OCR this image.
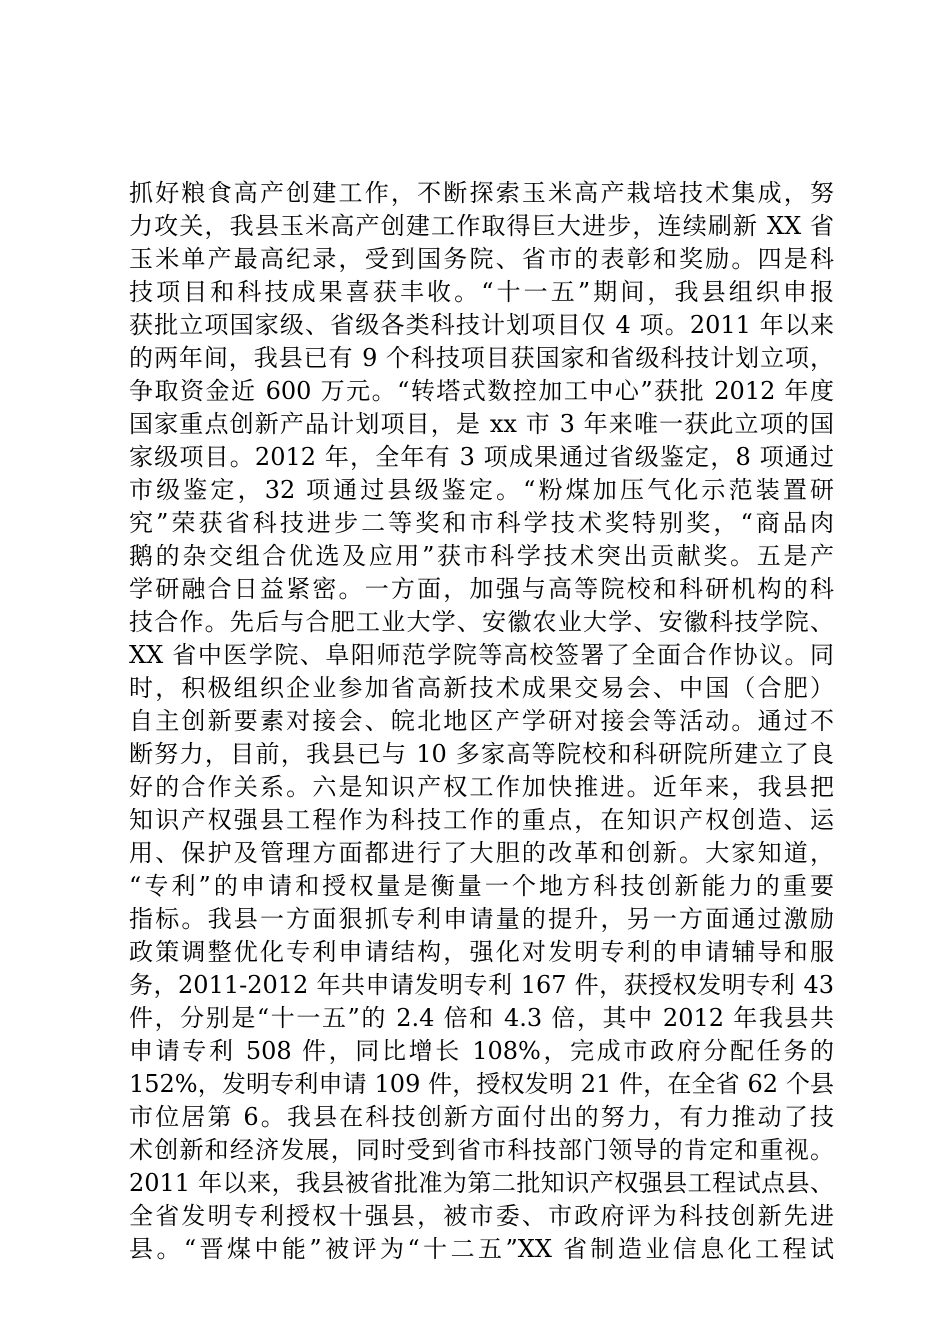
抓好粮食高产创建工作，不断探索玉米高产栽培技术集成，努
力攻关，我县玉米高产创建工作取得巨大进步，连续刷新 XX 省
玉米单产最高纪录，受到国务院、省市的表彰和奖励。四是科
技项目和科技成果喜获丰收。“十一五”期间，我县组织申报
获批立项国家级、省级各类科技计划项目仅 4 项。2011 年以来
的两年间，我县已有 9 个科技项目获国家和省级科技计划立项，
争取资金近 600 万元。“转塔式数控加工中心”获批 2012 年度
国家重点创新产品计划项目，是 xx 市 3 年来唯一获此立项的国
家级项目。2012 年，全年有 3 项成果通过省级鉴定，8 项通过
市级鉴定，32 项通过县级鉴定。“粉煤加压气化示范装置研
究”荣获省科技进步二等奖和市科学技术奖特别奖，“商品肉
鹅的杂交组合优选及应用”获市科学技术突出贡献奖。五是产
学研融合日益紧密。一方面，加强与高等院校和科研机构的科
技合作。先后与合肥工业大学、安徽农业大学、安徽科技学院、
XX 省中医学院、阜阳师范学院等高校签署了全面合作协议。同
时，积极组织企业参加省高新技术成果交易会、中国（合肥）
自主创新要素对接会、皖北地区产学研对接会等活动。通过不
断努力，目前，我县已与 10 多家高等院校和科研院所建立了良
好的合作关系。六是知识产权工作加快推进。近年来，我县把
知识产权强县工程作为科技工作的重点，在知识产权创造、运
用、保护及管理方面都进行了大胆的改革和创新。大家知道，
“专利”的申请和授权量是衡量一个地方科技创新能力的重要
指标。我县一方面狠抓专利申请量的提升，另一方面通过激励
政策调整优化专利申请结构，强化对发明专利的申请辅导和服
务，2011-2012 年共申请发明专利 167 件，获授权发明专利 43
件，分别是“十一五”的 2.4 倍和 4.3 倍，其中 2012 年我县共
申请专利 508 件，同比增长 108%，完成市政府分配任务的
152%，发明专利申请 109 件，授权发明 21 件，在全省 62 个县
市位居第 6。我县在科技创新方面付出的努力，有力推动了技
术创新和经济发展，同时受到省市科技部门领导的肯定和重视。
2011 年以来，我县被省批准为第二批知识产权强县工程试点县、
全省发明专利授权十强县，被市委、市政府评为科技创新先进
县。“晋煤中能”被评为“十二五”XX 省制造业信息化工程试
